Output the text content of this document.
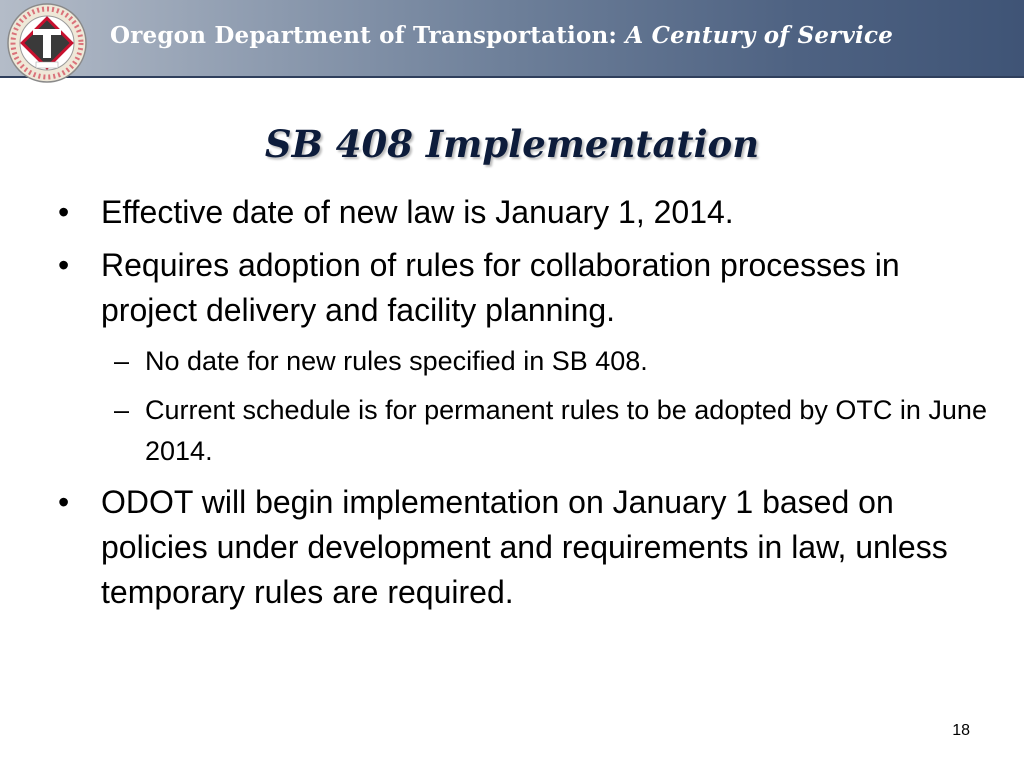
Oregon Department of Transportation: A Century of Service
SB 408 Implementation
• Effective date of new law is January 1, 2014.
• Requires adoption of rules for collaboration processes in project delivery and facility planning.
– No date for new rules specified in SB 408.
– Current schedule is for permanent rules to be adopted by OTC in June 2014.
• ODOT will begin implementation on January 1 based on policies under development and requirements in law, unless temporary rules are required.
18
